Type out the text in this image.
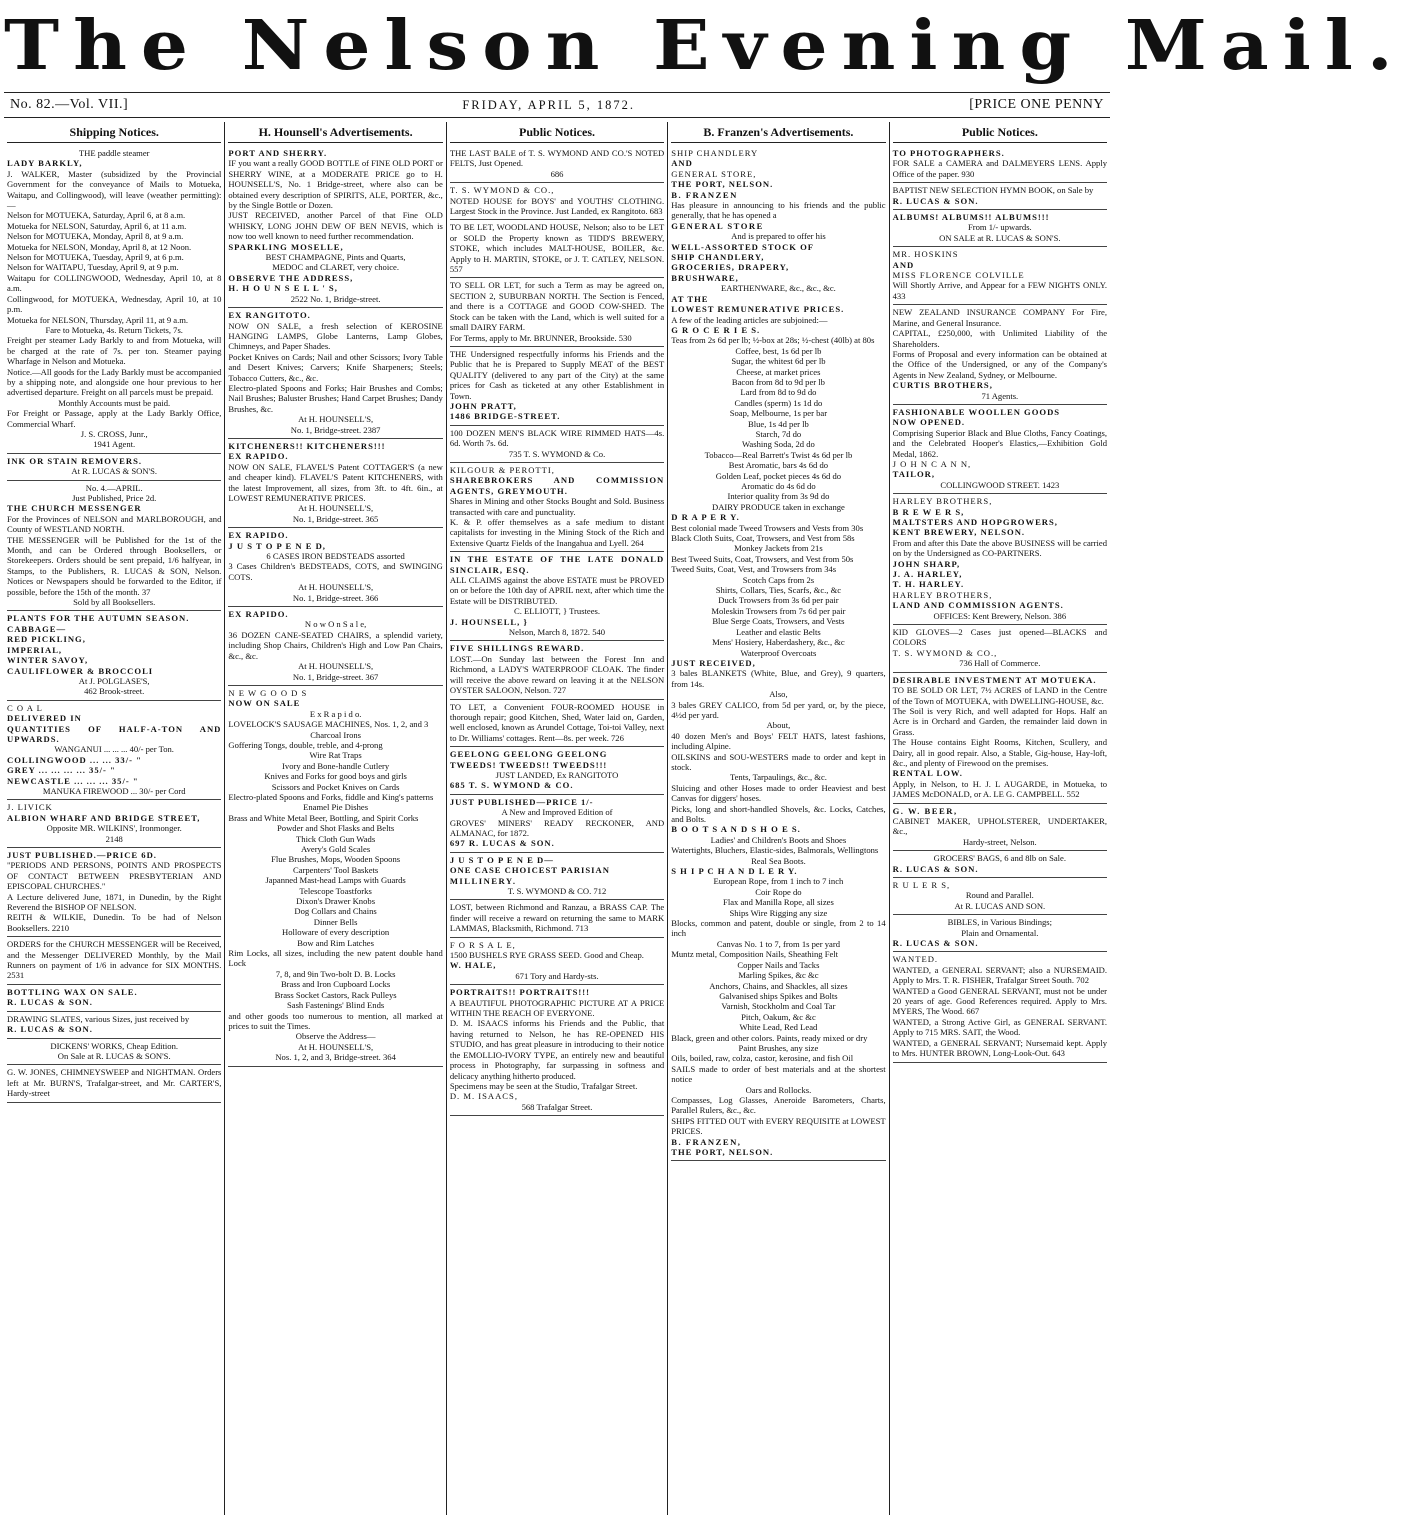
The Nelson Evening Mail.
No. 82.—Vol. VII.]	FRIDAY, APRIL 5, 1872.	[PRICE ONE PENNY
Shipping Notices.

THE paddle steamer

LADY BARKLY,

J. WALKER, Master (subsidized by the Provincial Government for the conveyance of Mails to Motueka, Waitapu, and Collingwood), will leave (weather permitting):—

Nelson for MOTUEKA, Saturday, April 6, at 8 a.m.

Motueka for NELSON, Saturday, April 6, at 11 a.m.

Nelson for MOTUEKA, Monday, April 8, at 9 a.m.

Motueka for NELSON, Monday, April 8, at 12 Noon.

Nelson for MOTUEKA, Tuesday, April 9, at 6 p.m.

Nelson for WAITAPU, Tuesday, April 9, at 9 p.m.

Waitapu for COLLINGWOOD, Wednesday, April 10, at 8 a.m.

Collingwood, for MOTUEKA, Wednesday, April 10, at 10 p.m.

Motueka for NELSON, Thursday, April 11, at 9 a.m.

Fare to Motueka, 4s. Return Tickets, 7s.

Freight per steamer Lady Barkly to and from Motueka, will be charged at the rate of 7s. per ton. Steamer paying Wharfage in Nelson and Motueka.

Notice.—All goods for the Lady Barkly must be accompanied by a shipping note, and alongside one hour previous to her advertised departure. Freight on all parcels must be prepaid.

Monthly Accounts must be paid.

For Freight or Passage, apply at the Lady Barkly Office, Commercial Wharf.

J. S. CROSS, Junr.,

1941 Agent.

INK OR STAIN REMOVERS.

At R. LUCAS & SON'S.

No. 4.—APRIL.

Just Published, Price 2d.

THE CHURCH MESSENGER

For the Provinces of NELSON and MARLBOROUGH, and County of WESTLAND NORTH.

THE MESSENGER will be Published for the 1st of the Month, and can be Ordered through Booksellers, or Storekeepers. Orders should be sent prepaid, 1/6 halfyear, in Stamps, to the Publishers, R. LUCAS & SON, Nelson. Notices or Newspapers should be forwarded to the Editor, if possible, before the 15th of the month. 37

Sold by all Booksellers.

PLANTS FOR THE AUTUMN SEASON.

CABBAGE—

RED PICKLING,

IMPERIAL,

WINTER SAVOY,

CAULIFLOWER & BROCCOLI

At J. POLGLASE'S,

462 Brook-street.

C O A L

DELIVERED IN

QUANTITIES OF HALF-A-TON AND UPWARDS.

WANGANUI ... ... ... 40/- per Ton.

COLLINGWOOD ... ... 33/- "

GREY ... ... ... ... 35/- "

NEWCASTLE ... ... ... 35/- "

MANUKA FIREWOOD ... 30/- per Cord

J. LIVICK

ALBION WHARF AND BRIDGE STREET,

Opposite MR. WILKINS', Ironmonger.

2148

JUST PUBLISHED.—PRICE 6D.

"PERIODS AND PERSONS, POINTS AND PROSPECTS OF CONTACT BETWEEN PRESBYTERIAN AND EPISCOPAL CHURCHES."

A Lecture delivered June, 1871, in Dunedin, by the Right Reverend the BISHOP OF NELSON.

REITH & WILKIE, Dunedin. To be had of Nelson Booksellers. 2210

ORDERS for the CHURCH MESSENGER will be Received, and the Messenger DELIVERED Monthly, by the Mail Runners on payment of 1/6 in advance for SIX MONTHS. 2531

BOTTLING WAX ON SALE.

R. LUCAS & SON.

DRAWING SLATES, various Sizes, just received by

R. LUCAS & SON.

DICKENS' WORKS, Cheap Edition.

On Sale at R. LUCAS & SON'S.

G. W. JONES, CHIMNEYSWEEP and NIGHTMAN. Orders left at Mr. BURN'S, Trafalgar-street, and Mr. CARTER'S, Hardy-street

H. Hounsell's Advertisements.

PORT AND SHERRY.

IF you want a really GOOD BOTTLE of FINE OLD PORT or SHERRY WINE, at a MODERATE PRICE go to H. HOUNSELL'S, No. 1 Bridge-street, where also can be obtained every description of SPIRITS, ALE, PORTER, &c., by the Single Bottle or Dozen.

JUST RECEIVED, another Parcel of that Fine OLD WHISKY, LONG JOHN DEW OF BEN NEVIS, which is now too well known to need further recommendation.

SPARKLING MOSELLE,

BEST CHAMPAGNE, Pints and Quarts,

MEDOC and CLARET, very choice.

OBSERVE THE ADDRESS,

H. H O U N S E L L ' S,

2522 No. 1, Bridge-street.

EX RANGITOTO.

NOW ON SALE, a fresh selection of KEROSINE HANGING LAMPS, Globe Lanterns, Lamp Globes, Chimneys, and Paper Shades.

Pocket Knives on Cards; Nail and other Scissors; Ivory Table and Desert Knives; Carvers; Knife Sharpeners; Steels; Tobacco Cutters, &c., &c.

Electro-plated Spoons and Forks; Hair Brushes and Combs; Nail Brushes; Baluster Brushes; Hand Carpet Brushes; Dandy Brushes, &c.

At H. HOUNSELL'S,

No. 1, Bridge-street. 2387

KITCHENERS!! KITCHENERS!!!

EX RAPIDO.

NOW ON SALE, FLAVEL'S Patent COTTAGER'S (a new and cheaper kind). FLAVEL'S Patent KITCHENERS, with the latest Improvement, all sizes, from 3ft. to 4ft. 6in., at LOWEST REMUNERATIVE PRICES.

At H. HOUNSELL'S,

No. 1, Bridge-street. 365

EX RAPIDO.

J U S T O P E N E D,

6 CASES IRON BEDSTEADS assorted

3 Cases Children's BEDSTEADS, COTS, and SWINGING COTS.

At H. HOUNSELL'S,

No. 1, Bridge-street. 366

EX RAPIDO.

N o w O n S a l e,

36 DOZEN CANE-SEATED CHAIRS, a splendid variety, including Shop Chairs, Children's High and Low Pan Chairs, &c., &c.

At H. HOUNSELL'S,

No. 1, Bridge-street. 367

N E W G O O D S

NOW ON SALE

E x R a p i d o.

LOVELOCK'S SAUSAGE MACHINES, Nos. 1, 2, and 3

Charcoal Irons

Goffering Tongs, double, treble, and 4-prong

Wire Rat Traps

Ivory and Bone-handle Cutlery

Knives and Forks for good boys and girls

Scissors and Pocket Knives on Cards

Electro-plated Spoons and Forks, fiddle and King's patterns

Enamel Pie Dishes

Brass and White Metal Beer, Bottling, and Spirit Corks

Powder and Shot Flasks and Belts

Thick Cloth Gun Wads

Avery's Gold Scales

Flue Brushes, Mops, Wooden Spoons

Carpenters' Tool Baskets

Japanned Mast-head Lamps with Guards

Telescope Toastforks

Dixon's Drawer Knobs

Dog Collars and Chains

Dinner Bells

Holloware of every description

Bow and Rim Latches

Rim Locks, all sizes, including the new patent double hand Lock

7, 8, and 9in Two-bolt D. B. Locks

Brass and Iron Cupboard Locks

Brass Socket Castors, Rack Pulleys

Sash Fastenings' Blind Ends

and other goods too numerous to mention, all marked at prices to suit the Times.

Observe the Address—

At H. HOUNSELL'S,

Nos. 1, 2, and 3, Bridge-street. 364

Public Notices.

THE LAST BALE of T. S. WYMOND AND CO.'S NOTED FELTS, Just Opened.

686

T. S. WYMOND & CO.,

NOTED HOUSE for BOYS' and YOUTHS' CLOTHING. Largest Stock in the Province. Just Landed, ex Rangitoto. 683

TO BE LET, WOODLAND HOUSE, Nelson; also to be LET or SOLD the Property known as TIDD'S BREWERY, STOKE, which includes MALT-HOUSE, BOILER, &c. Apply to H. MARTIN, STOKE, or J. T. CATLEY, NELSON. 557

TO SELL OR LET, for such a Term as may be agreed on, SECTION 2, SUBURBAN NORTH. The Section is Fenced, and there is a COTTAGE and GOOD COW-SHED. The Stock can be taken with the Land, which is well suited for a small DAIRY FARM.

For Terms, apply to Mr. BRUNNER, Brookside. 530

THE Undersigned respectfully informs his Friends and the Public that he is Prepared to Supply MEAT of the BEST QUALITY (delivered to any part of the City) at the same prices for Cash as ticketed at any other Establishment in Town.

JOHN PRATT,

1486 BRIDGE-STREET.

100 DOZEN MEN'S BLACK WIRE RIMMED HATS—4s. 6d. Worth 7s. 6d.

735 T. S. WYMOND & Co.

KILGOUR & PEROTTI,

SHAREBROKERS AND COMMISSION AGENTS, GREYMOUTH.

Shares in Mining and other Stocks Bought and Sold. Business transacted with care and punctuality.

K. & P. offer themselves as a safe medium to distant capitalists for investing in the Mining Stock of the Rich and Extensive Quartz Fields of the Inangahua and Lyell. 264

IN THE ESTATE OF THE LATE DONALD SINCLAIR, ESQ.

ALL CLAIMS against the above ESTATE must be PROVED on or before the 10th day of APRIL next, after which time the Estate will be DISTRIBUTED.

C. ELLIOTT, } Trustees.

J. HOUNSELL, }

Nelson, March 8, 1872. 540

FIVE SHILLINGS REWARD.

LOST.—On Sunday last between the Forest Inn and Richmond, a LADY'S WATERPROOF CLOAK. The finder will receive the above reward on leaving it at the NELSON OYSTER SALOON, Nelson. 727

TO LET, a Convenient FOUR-ROOMED HOUSE in thorough repair; good Kitchen, Shed, Water laid on, Garden, well enclosed, known as Arundel Cottage, Toi-toi Valley, next to Dr. Williams' cottages. Rent—8s. per week. 726

GEELONG GEELONG GEELONG

TWEEDS! TWEEDS!! TWEEDS!!!

JUST LANDED, Ex RANGITOTO

685 T. S. WYMOND & CO.

JUST PUBLISHED—PRICE 1/-

A New and Improved Edition of

GROVES' MINERS' READY RECKONER, AND ALMANAC, for 1872.

697 R. LUCAS & SON.

J U S T O P E N E D—

ONE CASE CHOICEST PARISIAN

MILLINERY.

T. S. WYMOND & CO. 712

LOST, between Richmond and Ranzau, a BRASS CAP. The finder will receive a reward on returning the same to MARK LAMMAS, Blacksmith, Richmond. 713

F O R S A L E,

1500 BUSHELS RYE GRASS SEED. Good and Cheap.

W. HALE,

671 Tory and Hardy-sts.

PORTRAITS!! PORTRAITS!!!

A BEAUTIFUL PHOTOGRAPHIC PICTURE AT A PRICE WITHIN THE REACH OF EVERYONE.

D. M. ISAACS informs his Friends and the Public, that having returned to Nelson, he has RE-OPENED HIS STUDIO, and has great pleasure in introducing to their notice the EMOLLIO-IVORY TYPE, an entirely new and beautiful process in Photography, far surpassing in softness and delicacy anything hitherto produced.

Specimens may be seen at the Studio, Trafalgar Street.

D. M. ISAACS,

568 Trafalgar Street.

B. Franzen's Advertisements.

SHIP CHANDLERY

AND

GENERAL STORE,

THE PORT, NELSON.

B. FRANZEN

Has pleasure in announcing to his friends and the public generally, that he has opened a

GENERAL STORE

And is prepared to offer his

WELL-ASSORTED STOCK OF

SHIP CHANDLERY,

GROCERIES, DRAPERY,

BRUSHWARE,

EARTHENWARE, &c., &c., &c.

AT THE

LOWEST REMUNERATIVE PRICES.

A few of the leading articles are subjoined:—

G R O C E R I E S.

Teas from 2s 6d per lb; ½-box at 28s; ½-chest (40lb) at 80s

Coffee, best, 1s 6d per lb

Sugar, the whitest 6d per lb

Cheese, at market prices

Bacon from 8d to 9d per lb

Lard from 8d to 9d do

Candles (sperm) 1s 1d do

Soap, Melbourne, 1s per bar

Blue, 1s 4d per lb

Starch, 7d do

Washing Soda, 2d do

Tobacco—Real Barrett's Twist 4s 6d per lb

Best Aromatic, bars 4s 6d do

Golden Leaf, pocket pieces 4s 6d do

Aromatic do 4s 6d do

Interior quality from 3s 9d do

DAIRY PRODUCE taken in exchange

D R A P E R Y.

Best colonial made Tweed Trowsers and Vests from 30s

Black Cloth Suits, Coat, Trowsers, and Vest from 58s

Monkey Jackets from 21s

Best Tweed Suits, Coat, Trowsers, and Vest from 50s

Tweed Suits, Coat, Vest, and Trowsers from 34s

Scotch Caps from 2s

Shirts, Collars, Ties, Scarfs, &c., &c

Duck Trowsers from 3s 6d per pair

Moleskin Trowsers from 7s 6d per pair

Blue Serge Coats, Trowsers, and Vests

Leather and elastic Belts

Mens' Hosiery, Haberdashery, &c., &c

Waterproof Overcoats

JUST RECEIVED,

3 bales BLANKETS (White, Blue, and Grey), 9 quarters, from 14s.

Also,

3 bales GREY CALICO, from 5d per yard, or, by the piece, 4½d per yard.

About,

40 dozen Men's and Boys' FELT HATS, latest fashions, including Alpine.

OILSKINS and SOU-WESTERS made to order and kept in stock.

Tents, Tarpaulings, &c., &c.

Sluicing and other Hoses made to order Heaviest and best Canvas for diggers' hoses.

Picks, long and short-handled Shovels, &c. Locks, Catches, and Bolts.

B O O T S A N D S H O E S.

Ladies' and Children's Boots and Shoes

Watertights, Bluchers, Elastic-sides, Balmorals, Wellingtons

Real Sea Boots.

S H I P C H A N D L E R Y.

European Rope, from 1 inch to 7 inch

Coir Rope do

Flax and Manilla Rope, all sizes

Ships Wire Rigging any size

Blocks, common and patent, double or single, from 2 to 14 inch

Canvas No. 1 to 7, from 1s per yard

Muntz metal, Composition Nails, Sheathing Felt

Copper Nails and Tacks

Marling Spikes, &c &c

Anchors, Chains, and Shackles, all sizes

Galvanised ships Spikes and Bolts

Varnish, Stockholm and Coal Tar

Pitch, Oakum, &c &c

White Lead, Red Lead

Black, green and other colors. Paints, ready mixed or dry

Paint Brushes, any size

Oils, boiled, raw, colza, castor, kerosine, and fish Oil

SAILS made to order of best materials and at the shortest notice

Oars and Rollocks.

Compasses, Log Glasses, Aneroide Barometers, Charts, Parallel Rulers, &c., &c.

SHIPS FITTED OUT with EVERY REQUISITE at LOWEST PRICES.

B. FRANZEN,

THE PORT, NELSON.

Public Notices.

TO PHOTOGRAPHERS.

FOR SALE a CAMERA and DALMEYERS LENS. Apply Office of the paper. 930

BAPTIST NEW SELECTION HYMN BOOK, on Sale by

R. LUCAS & SON.

ALBUMS! ALBUMS!! ALBUMS!!!

From 1/- upwards.

ON SALE at R. LUCAS & SON'S.

MR. HOSKINS

AND

MISS FLORENCE COLVILLE

Will Shortly Arrive, and Appear for a FEW NIGHTS ONLY. 433

NEW ZEALAND INSURANCE COMPANY For Fire, Marine, and General Insurance.

CAPITAL, £250,000, with Unlimited Liability of the Shareholders.

Forms of Proposal and every information can be obtained at the Office of the Undersigned, or any of the Company's Agents in New Zealand, Sydney, or Melbourne.

CURTIS BROTHERS,

71 Agents.

FASHIONABLE WOOLLEN GOODS

NOW OPENED.

Comprising Superior Black and Blue Cloths, Fancy Coatings, and the Celebrated Hooper's Elastics,—Exhibition Gold Medal, 1862.

J O H N C A N N,

TAILOR,

COLLINGWOOD STREET. 1423

HARLEY BROTHERS,

B R E W E R S,

MALTSTERS AND HOPGROWERS,

KENT BREWERY, NELSON.

From and after this Date the above BUSINESS will be carried on by the Undersigned as CO-PARTNERS.

JOHN SHARP,

J. A. HARLEY,

T. H. HARLEY.

HARLEY BROTHERS,

LAND AND COMMISSION AGENTS.

OFFICES: Kent Brewery, Nelson. 386

KID GLOVES—2 Cases just opened—BLACKS and COLORS

T. S. WYMOND & CO.,

736 Hall of Commerce.

DESIRABLE INVESTMENT AT MOTUEKA.

TO BE SOLD OR LET, 7½ ACRES of LAND in the Centre of the Town of MOTUEKA, with DWELLING-HOUSE, &c.

The Soil is very Rich, and well adapted for Hops. Half an Acre is in Orchard and Garden, the remainder laid down in Grass.

The House contains Eight Rooms, Kitchen, Scullery, and Dairy, all in good repair. Also, a Stable, Gig-house, Hay-loft, &c., and plenty of Firewood on the premises.

RENTAL LOW.

Apply, in Nelson, to H. J. L AUGARDE, in Motueka, to JAMES McDONALD, or A. LE G. CAMPBELL. 552

G. W. BEER,

CABINET MAKER, UPHOLSTERER, UNDERTAKER, &c.,

Hardy-street, Nelson.

GROCERS' BAGS, 6 and 8lb on Sale.

R. LUCAS & SON.

R U L E R S,

Round and Parallel.

At R. LUCAS AND SON.

BIBLES, in Various Bindings;

Plain and Ornamental.

R. LUCAS & SON.

WANTED.

WANTED, a GENERAL SERVANT; also a NURSEMAID. Apply to Mrs. T. R. FISHER, Trafalgar Street South. 702

WANTED a Good GENERAL SERVANT, must not be under 20 years of age. Good References required. Apply to Mrs. MYERS, The Wood. 667

WANTED, a Strong Active Girl, as GENERAL SERVANT. Apply to 715 MRS. SAIT, the Wood.

WANTED, a GENERAL SERVANT; Nursemaid kept. Apply to Mrs. HUNTER BROWN, Long-Look-Out. 643
